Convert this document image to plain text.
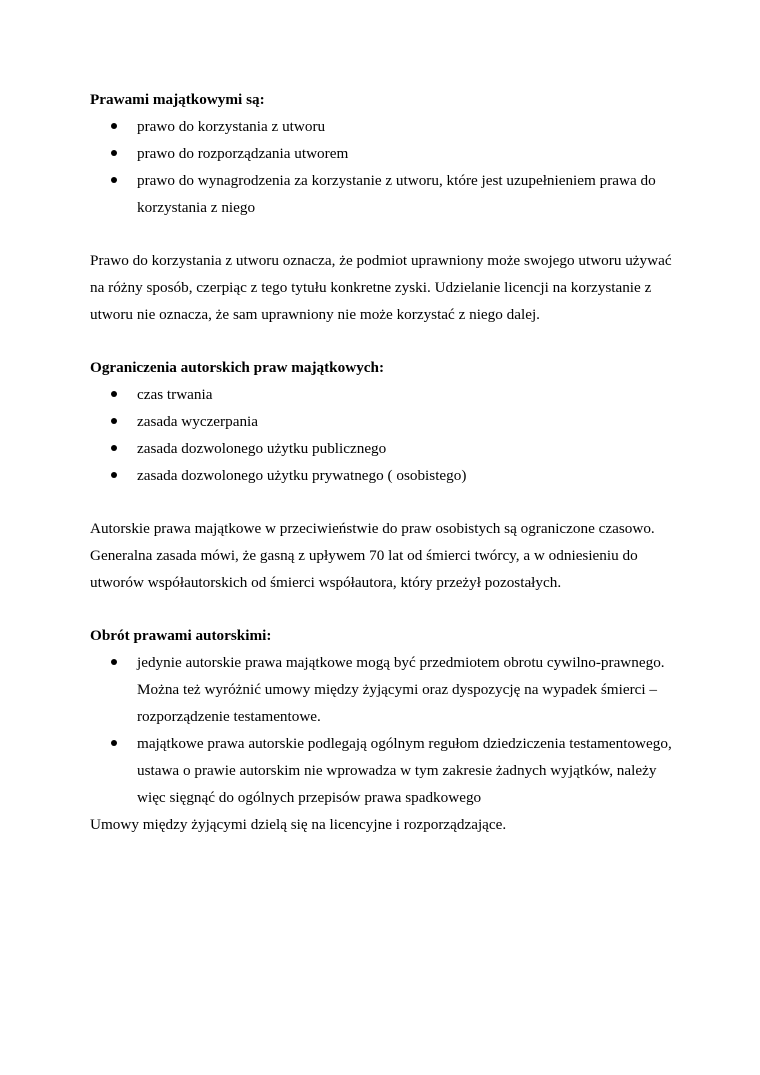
Prawami majątkowymi są:

prawo do korzystania z utworu
prawo do rozporządzania utworem
prawo do wynagrodzenia za korzystanie z utworu, które jest uzupełnieniem prawa do korzystania z niego

Prawo do korzystania z utworu oznacza, że podmiot uprawniony może swojego utworu używać na różny sposób, czerpiąc z tego tytułu konkretne zyski. Udzielanie licencji na korzystanie z utworu nie oznacza, że sam uprawniony nie może korzystać z niego dalej.

Ograniczenia autorskich praw majątkowych:

czas trwania
zasada wyczerpania
zasada dozwolonego użytku publicznego
zasada dozwolonego użytku prywatnego ( osobistego)

Autorskie prawa majątkowe w przeciwieństwie do praw osobistych są ograniczone czasowo. Generalna zasada mówi, że gasną z upływem 70 lat od śmierci twórcy, a w odniesieniu do utworów współautorskich od śmierci współautora, który przeżył pozostałych.

Obrót prawami autorskimi:

jedynie autorskie prawa majątkowe mogą być przedmiotem obrotu cywilno-prawnego. Można też wyróżnić umowy między żyjącymi oraz dyspozycję na wypadek śmierci – rozporządzenie testamentowe.
majątkowe prawa autorskie podlegają ogólnym regułom dziedziczenia testamentowego, ustawa o prawie autorskim nie wprowadza w tym zakresie żadnych wyjątków, należy więc sięgnąć do ogólnych przepisów prawa spadkowego

Umowy między żyjącymi dzielą się na licencyjne i rozporządzające.
